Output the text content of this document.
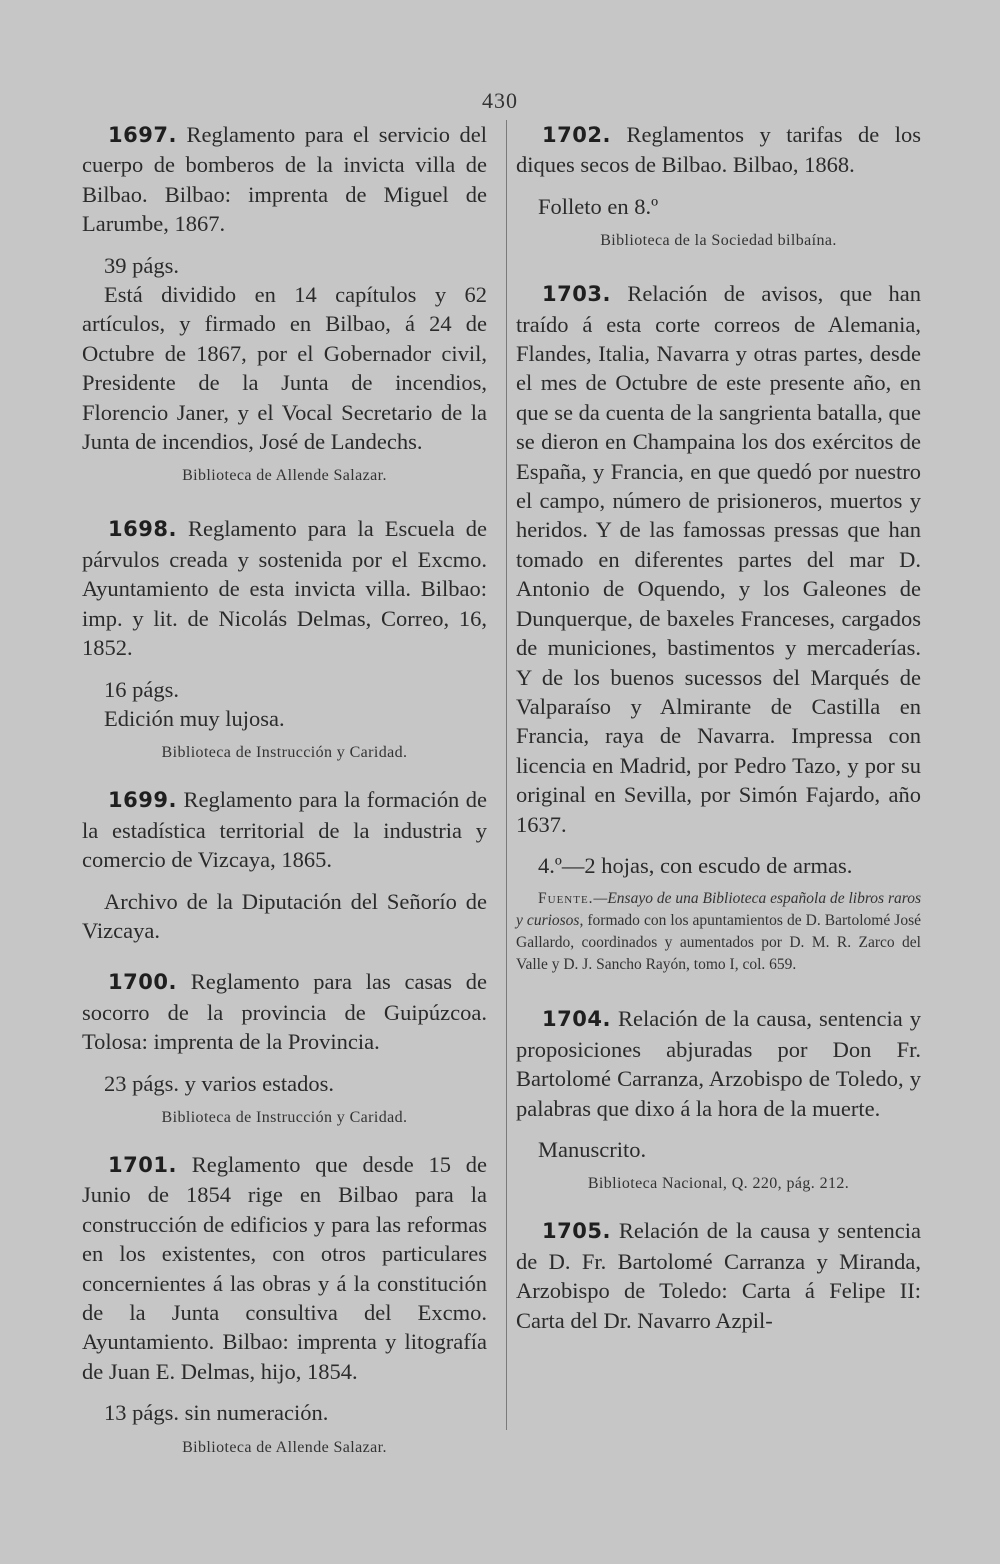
430

1697. Reglamento para el servicio del cuerpo de bomberos de la invicta villa de Bilbao. Bilbao: imprenta de Miguel de Larumbe, 1867.

39 págs.

Está dividido en 14 capítulos y 62 artículos, y firmado en Bilbao, á 24 de Octubre de 1867, por el Gobernador civil, Presidente de la Junta de incendios, Florencio Janer, y el Vocal Secretario de la Junta de incendios, José de Landechs.

Biblioteca de Allende Salazar.

1698. Reglamento para la Escuela de párvulos creada y sostenida por el Excmo. Ayuntamiento de esta invicta villa. Bilbao: imp. y lit. de Nicolás Delmas, Correo, 16, 1852.

16 págs.

Edición muy lujosa.

Biblioteca de Instrucción y Caridad.

1699. Reglamento para la formación de la estadística territorial de la industria y comercio de Vizcaya, 1865.

Archivo de la Diputación del Señorío de Vizcaya.

1700. Reglamento para las casas de socorro de la provincia de Guipúzcoa. Tolosa: imprenta de la Provincia.

23 págs. y varios estados.

Biblioteca de Instrucción y Caridad.

1701. Reglamento que desde 15 de Junio de 1854 rige en Bilbao para la construcción de edificios y para las reformas en los existentes, con otros particulares concernientes á las obras y á la constitución de la Junta consultiva del Excmo. Ayuntamiento. Bilbao: imprenta y litografía de Juan E. Delmas, hijo, 1854.

13 págs. sin numeración.

Biblioteca de Allende Salazar.

1702. Reglamentos y tarifas de los diques secos de Bilbao. Bilbao, 1868.

Folleto en 8.º

Biblioteca de la Sociedad bilbaína.

1703. Relación de avisos, que han traído á esta corte correos de Alemania, Flandes, Italia, Navarra y otras partes, desde el mes de Octubre de este presente año, en que se da cuenta de la sangrienta batalla, que se dieron en Champaina los dos exércitos de España, y Francia, en que quedó por nuestro el campo, número de prisioneros, muertos y heridos. Y de las famossas pressas que han tomado en diferentes partes del mar D. Antonio de Oquendo, y los Galeones de Dunquerque, de baxeles Franceses, cargados de municiones, bastimentos y mercaderías. Y de los buenos sucessos del Marqués de Valparaíso y Almirante de Castilla en Francia, raya de Navarra. Impressa con licencia en Madrid, por Pedro Tazo, y por su original en Sevilla, por Simón Fajardo, año 1637.

4.º—2 hojas, con escudo de armas.

Fuente.—Ensayo de una Biblioteca española de libros raros y curiosos, formado con los apuntamientos de D. Bartolomé José Gallardo, coordinados y aumentados por D. M. R. Zarco del Valle y D. J. Sancho Rayón, tomo I, col. 659.

1704. Relación de la causa, sentencia y proposiciones abjuradas por Don Fr. Bartolomé Carranza, Arzobispo de Toledo, y palabras que dixo á la hora de la muerte.

Manuscrito.

Biblioteca Nacional, Q. 220, pág. 212.

1705. Relación de la causa y sentencia de D. Fr. Bartolomé Carranza y Miranda, Arzobispo de Toledo: Carta á Felipe II: Carta del Dr. Navarro Azpil-
